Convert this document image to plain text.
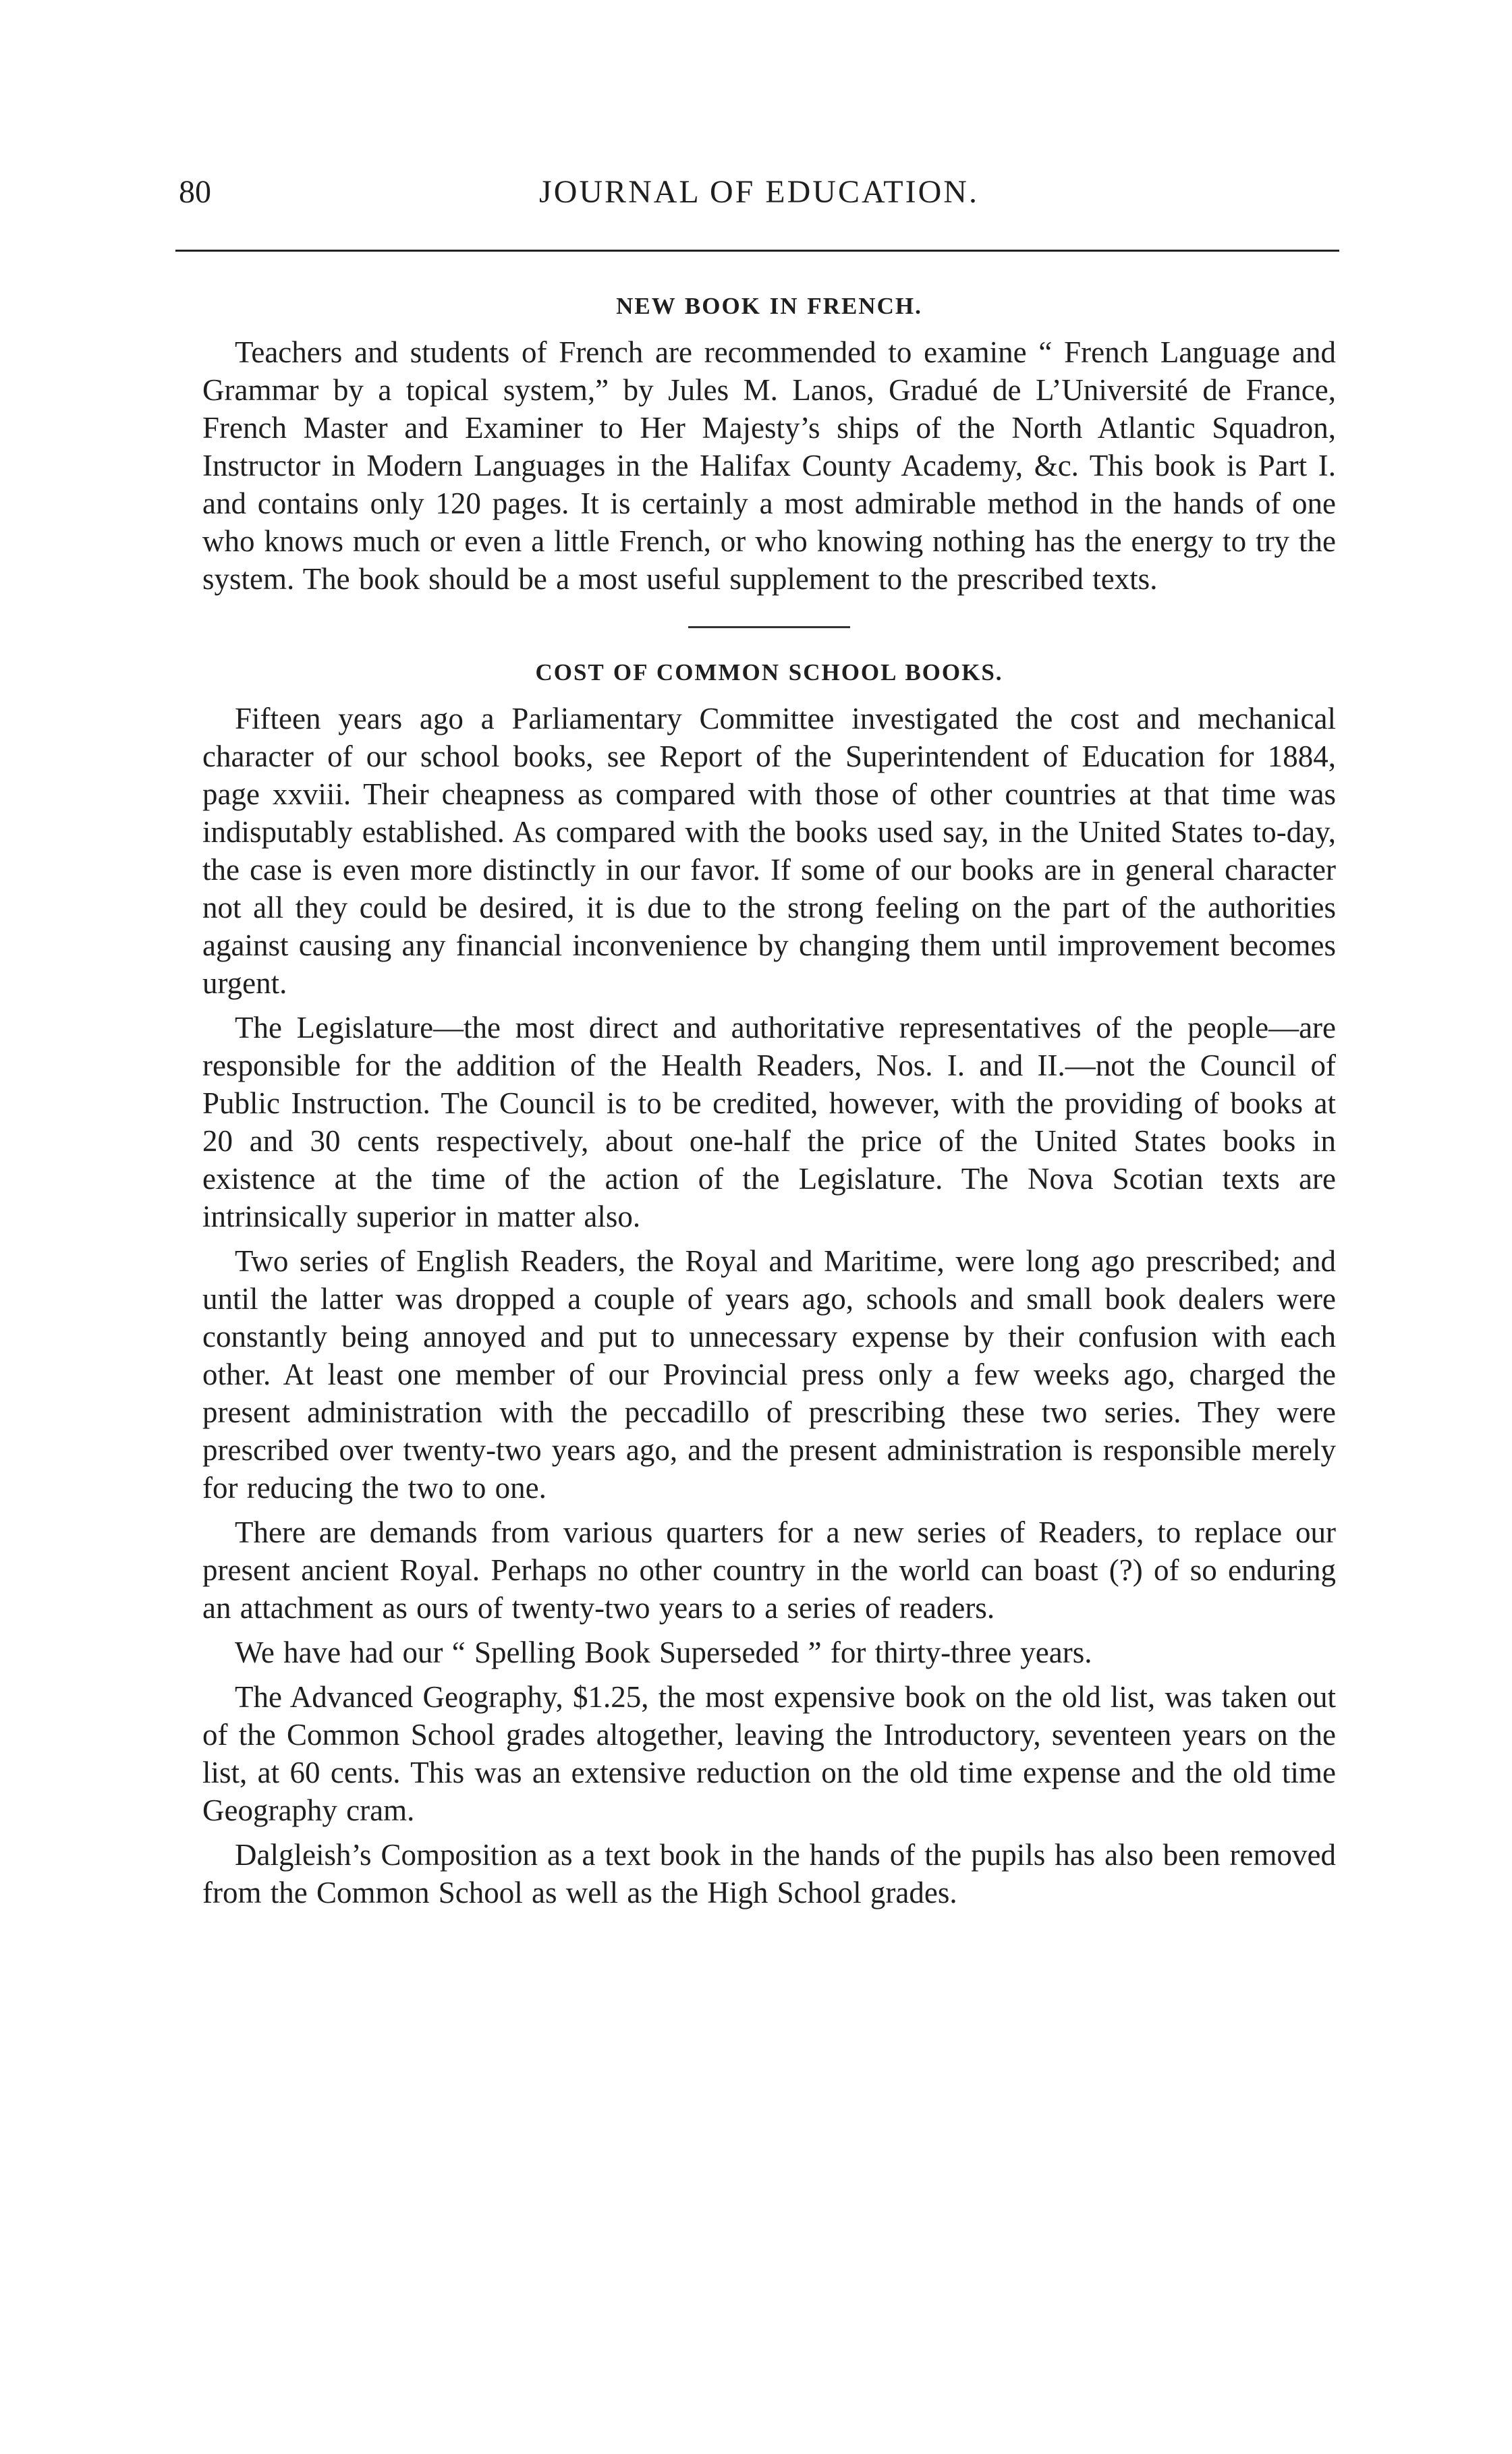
80	JOURNAL OF EDUCATION.
NEW BOOK IN FRENCH.

Teachers and students of French are recommended to examine “ French Language and Grammar by a topical system,” by Jules M. Lanos, Gradué de L’Université de France, French Master and Examiner to Her Majesty’s ships of the North Atlantic Squadron, Instructor in Modern Languages in the Halifax County Academy, &c. This book is Part I. and contains only 120 pages. It is certainly a most admirable method in the hands of one who knows much or even a little French, or who knowing nothing has the energy to try the system. The book should be a most useful supplement to the prescribed texts.

COST OF COMMON SCHOOL BOOKS.

Fifteen years ago a Parliamentary Committee investigated the cost and mechanical character of our school books, see Report of the Superintendent of Education for 1884, page xxviii. Their cheapness as compared with those of other countries at that time was indisputably established. As compared with the books used say, in the United States to-day, the case is even more distinctly in our favor. If some of our books are in general character not all they could be desired, it is due to the strong feeling on the part of the authorities against causing any financial inconvenience by changing them until improvement becomes urgent.

The Legislature—the most direct and authoritative representatives of the people—are responsible for the addition of the Health Readers, Nos. I. and II.—not the Council of Public Instruction. The Council is to be credited, however, with the providing of books at 20 and 30 cents respectively, about one-half the price of the United States books in existence at the time of the action of the Legislature. The Nova Scotian texts are intrinsically superior in matter also.

Two series of English Readers, the Royal and Maritime, were long ago prescribed; and until the latter was dropped a couple of years ago, schools and small book dealers were constantly being annoyed and put to unnecessary expense by their confusion with each other. At least one member of our Provincial press only a few weeks ago, charged the present administration with the peccadillo of prescribing these two series. They were prescribed over twenty-two years ago, and the present administration is responsible merely for reducing the two to one.

There are demands from various quarters for a new series of Readers, to replace our present ancient Royal. Perhaps no other country in the world can boast (?) of so enduring an attachment as ours of twenty-two years to a series of readers.

We have had our “ Spelling Book Superseded ” for thirty-three years.

The Advanced Geography, $1.25, the most expensive book on the old list, was taken out of the Common School grades altogether, leaving the Introductory, seventeen years on the list, at 60 cents. This was an extensive reduction on the old time expense and the old time Geography cram.

Dalgleish’s Composition as a text book in the hands of the pupils has also been removed from the Common School as well as the High School grades.
